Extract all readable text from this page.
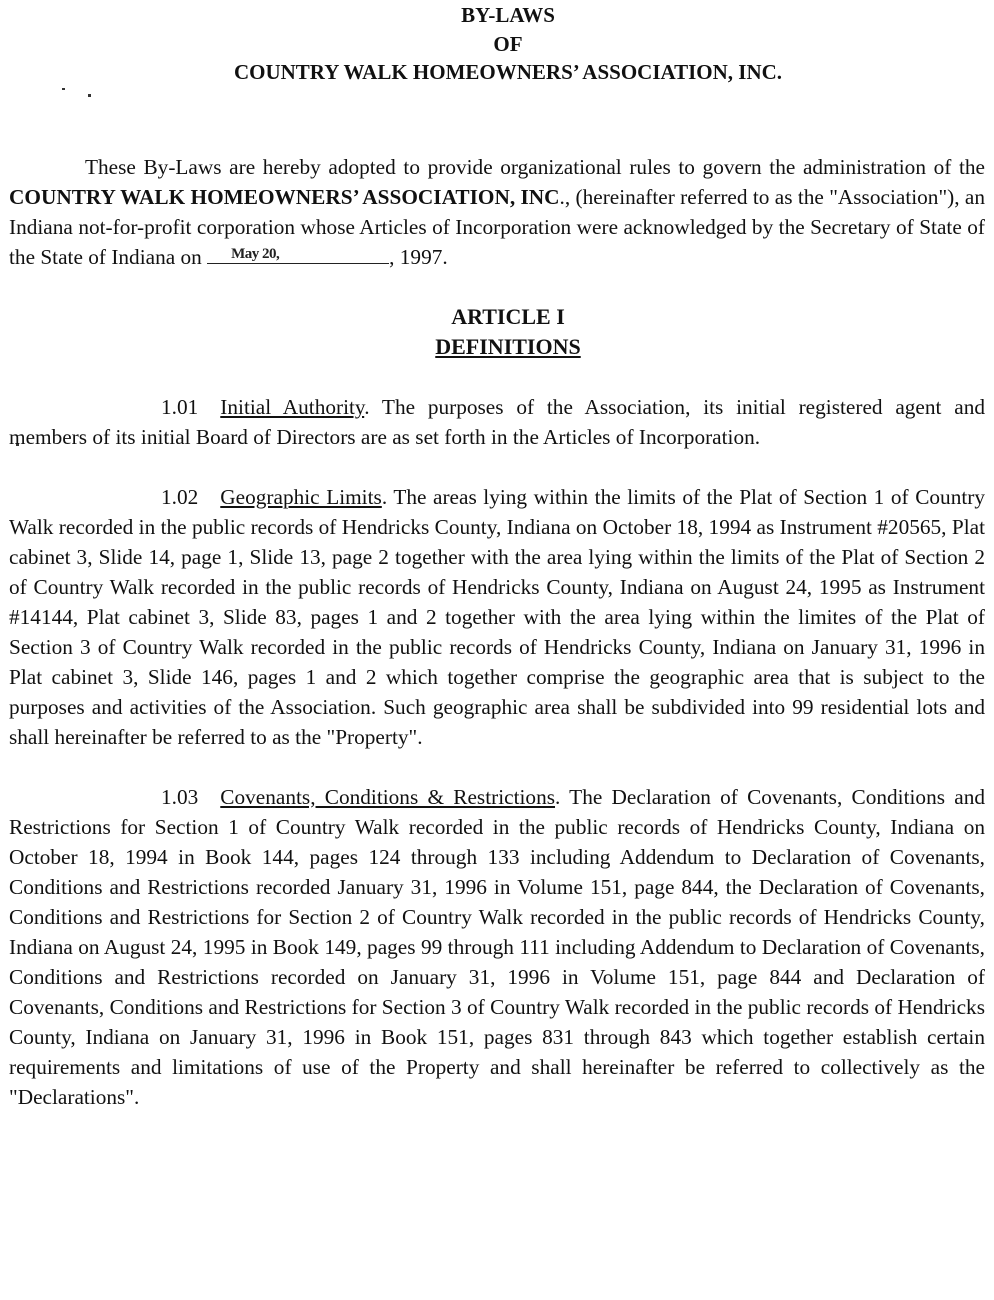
BY-LAWS
OF
COUNTRY WALK HOMEOWNERS’ ASSOCIATION, INC.

These By-Laws are hereby adopted to provide organizational rules to govern the administration of the COUNTRY WALK HOMEOWNERS’ ASSOCIATION, INC., (hereinafter referred to as the "Association"), an Indiana not-for-profit corporation whose Articles of Incorporation were acknowledged by the Secretary of State of the State of Indiana on May 20,	, 1997.

ARTICLE I
DEFINITIONS

1.01 Initial Authority. The purposes of the Association, its initial registered agent and members of its initial Board of Directors are as set forth in the Articles of Incorporation.

1.02 Geographic Limits. The areas lying within the limits of the Plat of Section 1 of Country Walk recorded in the public records of Hendricks County, Indiana on October 18, 1994 as Instrument #20565, Plat cabinet 3, Slide 14, page 1, Slide 13, page 2 together with the area lying within the limits of the Plat of Section 2 of Country Walk recorded in the public records of Hendricks County, Indiana on August 24, 1995 as Instrument #14144, Plat cabinet 3, Slide 83, pages 1 and 2 together with the area lying within the limites of the Plat of Section 3 of Country Walk recorded in the public records of Hendricks County, Indiana on January 31, 1996 in Plat cabinet 3, Slide 146, pages 1 and 2 which together comprise the geographic area that is subject to the purposes and activities of the Association. Such geographic area shall be subdivided into 99 residential lots and shall hereinafter be referred to as the "Property".

1.03 Covenants, Conditions & Restrictions. The Declaration of Covenants, Conditions and Restrictions for Section 1 of Country Walk recorded in the public records of Hendricks County, Indiana on October 18, 1994 in Book 144, pages 124 through 133 including Addendum to Declaration of Covenants, Conditions and Restrictions recorded January 31, 1996 in Volume 151, page 844, the Declaration of Covenants, Conditions and Restrictions for Section 2 of Country Walk recorded in the public records of Hendricks County, Indiana on August 24, 1995 in Book 149, pages 99 through 111 including Addendum to Declaration of Covenants, Conditions and Restrictions recorded on January 31, 1996 in Volume 151, page 844 and Declaration of Covenants, Conditions and Restrictions for Section 3 of Country Walk recorded in the public records of Hendricks County, Indiana on January 31, 1996 in Book 151, pages 831 through 843 which together establish certain requirements and limitations of use of the Property and shall hereinafter be referred to collectively as the "Declarations".
